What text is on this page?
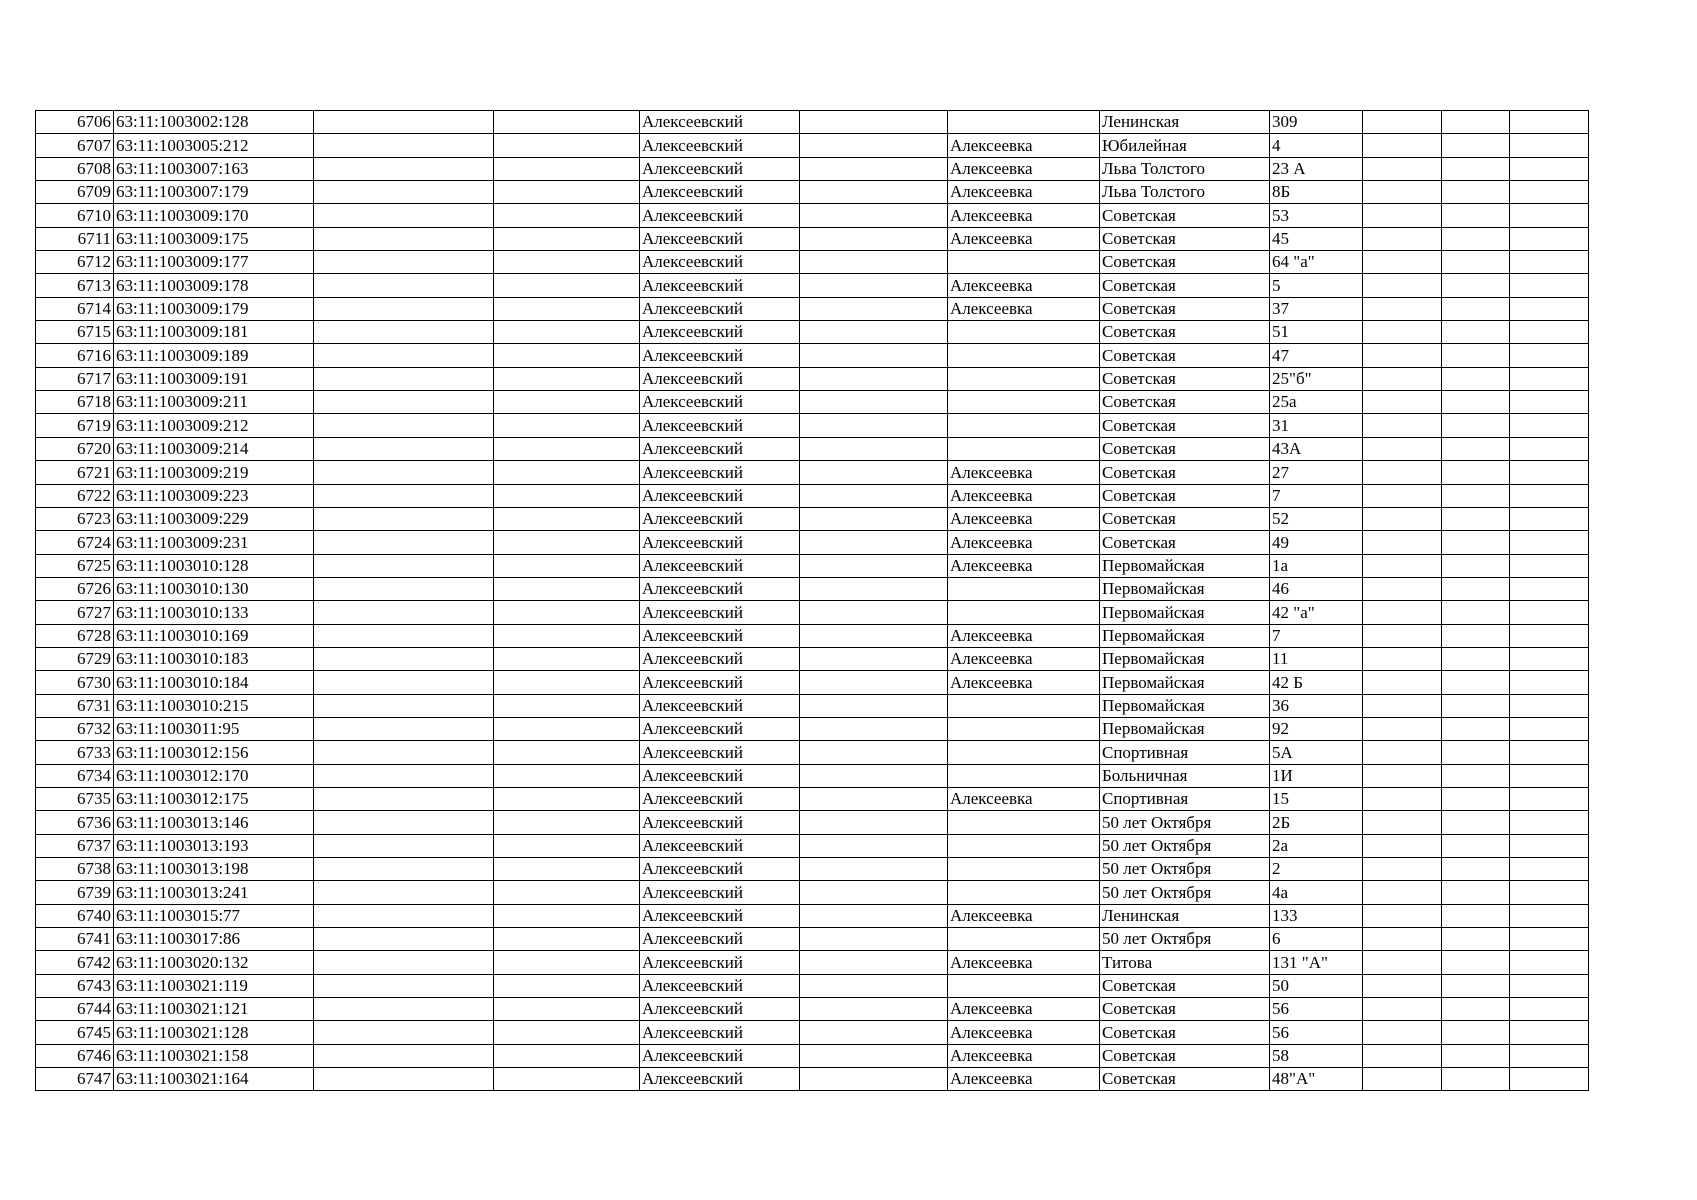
6706	63:11:1003002:128			Алексеевский			Ленинская	309			
6707	63:11:1003005:212			Алексеевский		Алексеевка	Юбилейная	4			
6708	63:11:1003007:163			Алексеевский		Алексеевка	Льва Толстого	23 А			
6709	63:11:1003007:179			Алексеевский		Алексеевка	Льва Толстого	8Б			
6710	63:11:1003009:170			Алексеевский		Алексеевка	Советская	53			
6711	63:11:1003009:175			Алексеевский		Алексеевка	Советская	45			
6712	63:11:1003009:177			Алексеевский			Советская	64 "а"			
6713	63:11:1003009:178			Алексеевский		Алексеевка	Советская	5			
6714	63:11:1003009:179			Алексеевский		Алексеевка	Советская	37			
6715	63:11:1003009:181			Алексеевский			Советская	51			
6716	63:11:1003009:189			Алексеевский			Советская	47			
6717	63:11:1003009:191			Алексеевский			Советская	25"б"			
6718	63:11:1003009:211			Алексеевский			Советская	25а			
6719	63:11:1003009:212			Алексеевский			Советская	31			
6720	63:11:1003009:214			Алексеевский			Советская	43А			
6721	63:11:1003009:219			Алексеевский		Алексеевка	Советская	27			
6722	63:11:1003009:223			Алексеевский		Алексеевка	Советская	7			
6723	63:11:1003009:229			Алексеевский		Алексеевка	Советская	52			
6724	63:11:1003009:231			Алексеевский		Алексеевка	Советская	49			
6725	63:11:1003010:128			Алексеевский		Алексеевка	Первомайская	1а			
6726	63:11:1003010:130			Алексеевский			Первомайская	46			
6727	63:11:1003010:133			Алексеевский			Первомайская	42 "а"			
6728	63:11:1003010:169			Алексеевский		Алексеевка	Первомайская	7			
6729	63:11:1003010:183			Алексеевский		Алексеевка	Первомайская	11			
6730	63:11:1003010:184			Алексеевский		Алексеевка	Первомайская	42 Б			
6731	63:11:1003010:215			Алексеевский			Первомайская	36			
6732	63:11:1003011:95			Алексеевский			Первомайская	92			
6733	63:11:1003012:156			Алексеевский			Спортивная	5А			
6734	63:11:1003012:170			Алексеевский			Больничная	1И			
6735	63:11:1003012:175			Алексеевский		Алексеевка	Спортивная	15			
6736	63:11:1003013:146			Алексеевский			50 лет Октября	2Б			
6737	63:11:1003013:193			Алексеевский			50 лет Октября	2а			
6738	63:11:1003013:198			Алексеевский			50 лет Октября	2			
6739	63:11:1003013:241			Алексеевский			50 лет Октября	4а			
6740	63:11:1003015:77			Алексеевский		Алексеевка	Ленинская	133			
6741	63:11:1003017:86			Алексеевский			50 лет Октября	6			
6742	63:11:1003020:132			Алексеевский		Алексеевка	Титова	131 "А"			
6743	63:11:1003021:119			Алексеевский			Советская	50			
6744	63:11:1003021:121			Алексеевский		Алексеевка	Советская	56			
6745	63:11:1003021:128			Алексеевский		Алексеевка	Советская	56			
6746	63:11:1003021:158			Алексеевский		Алексеевка	Советская	58			
6747	63:11:1003021:164			Алексеевский		Алексеевка	Советская	48"А"			
